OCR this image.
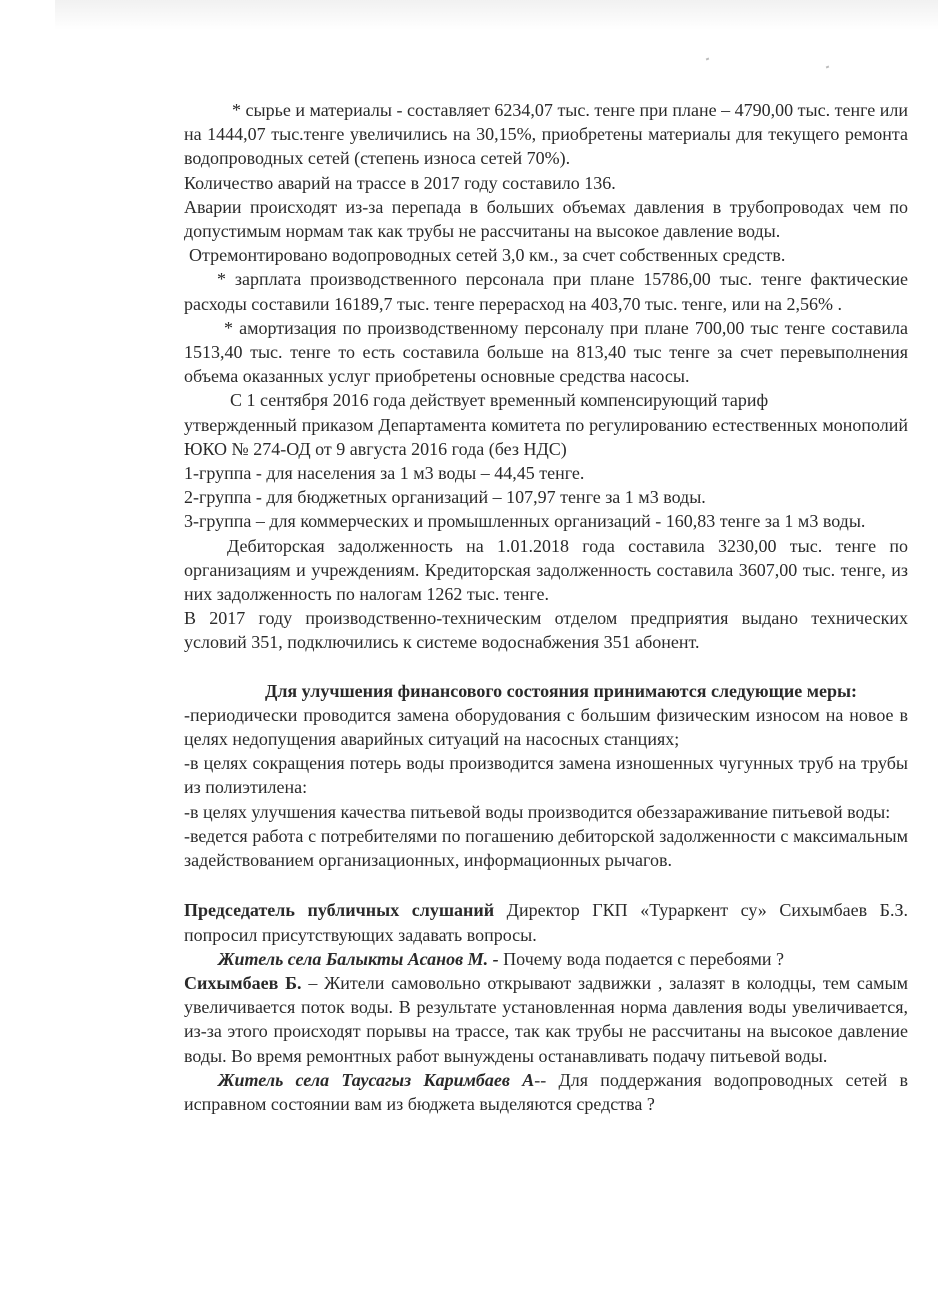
* сырье и материалы - составляет 6234,07 тыс. тенге при плане – 4790,00 тыс. тенге или на 1444,07 тыс.тенге увеличились на 30,15%, приобретены материалы для текущего ремонта водопроводных сетей (степень износа сетей 70%).

Количество аварий на трассе в 2017 году составило 136.

Аварии происходят из-за перепада в больших объемах давления в трубопроводах чем по допустимым нормам так как трубы не рассчитаны на высокое давление воды.

Отремонтировано водопроводных сетей 3,0 км., за счет собственных средств.

* зарплата производственного персонала при плане 15786,00 тыс. тенге фактические расходы составили 16189,7 тыс. тенге перерасход на 403,70 тыс. тенге, или на 2,56% .

* амортизация по производственному персоналу при плане 700,00 тыс тенге составила 1513,40 тыс. тенге то есть составила больше на 813,40 тыс тенге за счет перевыполнения объема оказанных услуг приобретены основные средства насосы.

С 1 сентября 2016 года действует временный компенсирующий тариф

утвержденный приказом Департамента комитета по регулированию естественных монополий ЮКО № 274-ОД от 9 августа 2016 года (без НДС)

1-группа - для населения за 1 м3 воды – 44,45 тенге.

2-группа - для бюджетных организаций – 107,97 тенге за 1 м3 воды.

3-группа – для коммерческих и промышленных организаций - 160,83 тенге за 1 м3 воды.

Дебиторская задолженность на 1.01.2018 года составила 3230,00 тыс. тенге по организациям и учреждениям. Кредиторская задолженность составила 3607,00 тыс. тенге, из них задолженность по налогам 1262 тыс. тенге.

В 2017 году производственно-техническим отделом предприятия выдано технических условий 351, подключились к системе водоснабжения 351 абонент.

Для улучшения финансового состояния принимаются следующие меры:

-периодически проводится замена оборудования с большим физическим износом на новое в целях недопущения аварийных ситуаций на насосных станциях;

-в целях сокращения потерь воды производится замена изношенных чугунных труб на трубы из полиэтилена:

-в целях улучшения качества питьевой воды производится обеззараживание питьевой воды:

-ведется работа с потребителями по погашению дебиторской задолженности с максимальным задействованием организационных, информационных рычагов.

Председатель публичных слушаний Директор ГКП «Тураркент су» Сихымбаев Б.З. попросил присутствующих задавать вопросы.

Житель села Балыкты Асанов М. - Почему вода подается с перебоями ?

Сихымбаев Б. – Жители самовольно открывают задвижки , залазят в колодцы, тем самым увеличивается поток воды. В результате установленная норма давления воды увеличивается, из-за этого происходят порывы на трассе, так как трубы не рассчитаны на высокое давление воды. Во время ремонтных работ вынуждены останавливать подачу питьевой воды.

Житель села Таусагыз Каримбаев А-- Для поддержания водопроводных сетей в исправном состоянии вам из бюджета выделяются средства ?
